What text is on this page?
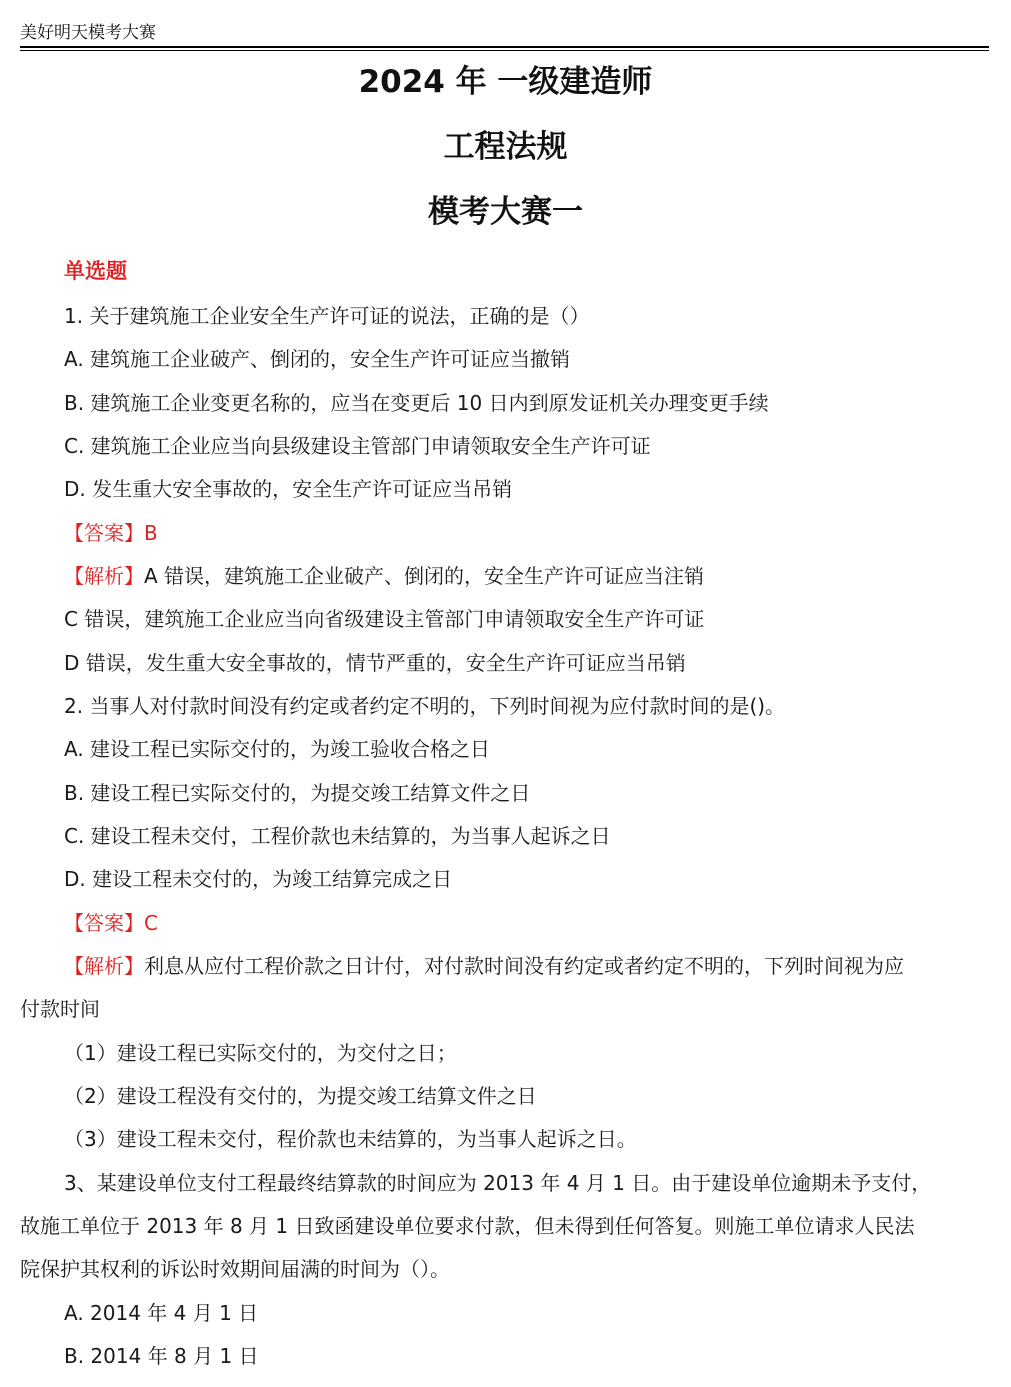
美好明天模考大赛
2024 年 一级建造师
工程法规
模考大赛一
单选题
1. 关于建筑施工企业安全生产许可证的说法，正确的是（）
A. 建筑施工企业破产、倒闭的，安全生产许可证应当撤销
B. 建筑施工企业变更名称的，应当在变更后 10 日内到原发证机关办理变更手续
C. 建筑施工企业应当向县级建设主管部门申请领取安全生产许可证
D. 发生重大安全事故的，安全生产许可证应当吊销
【答案】B
【解析】A 错误，建筑施工企业破产、倒闭的，安全生产许可证应当注销
C 错误，建筑施工企业应当向省级建设主管部门申请领取安全生产许可证
D 错误，发生重大安全事故的，情节严重的，安全生产许可证应当吊销
2. 当事人对付款时间没有约定或者约定不明的，下列时间视为应付款时间的是()。
A. 建设工程已实际交付的，为竣工验收合格之日
B. 建设工程已实际交付的，为提交竣工结算文件之日
C. 建设工程未交付，工程价款也未结算的，为当事人起诉之日
D. 建设工程未交付的，为竣工结算完成之日
【答案】C
【解析】利息从应付工程价款之日计付，对付款时间没有约定或者约定不明的，下列时间视为应
付款时间
（1）建设工程已实际交付的，为交付之日；
（2）建设工程没有交付的，为提交竣工结算文件之日
（3）建设工程未交付，程价款也未结算的，为当事人起诉之日。
3、某建设单位支付工程最终结算款的时间应为 2013 年 4 月 1 日。由于建设单位逾期未予支付，
故施工单位于 2013 年 8 月 1 日致函建设单位要求付款，但未得到任何答复。则施工单位请求人民法
院保护其权利的诉讼时效期间届满的时间为（）。
A. 2014 年 4 月 1 日
B. 2014 年 8 月 1 日
